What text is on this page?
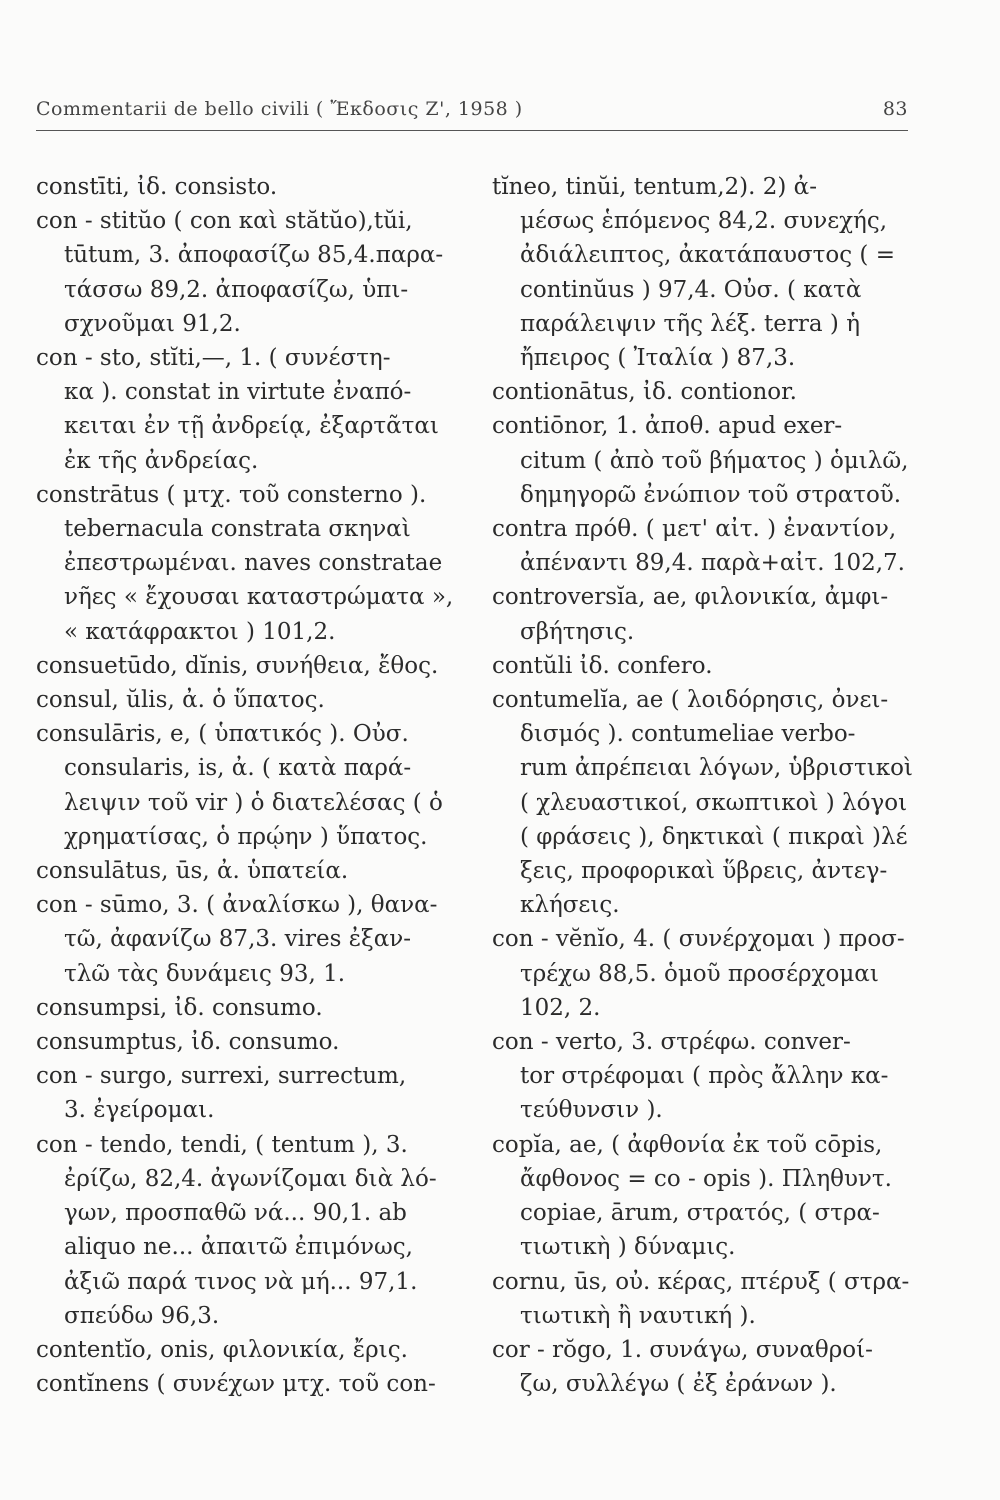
Commentarii de bello civili ( Ἔκδοσις Ζ', 1958 )	83
constīti, ἰδ. consisto.
con - stitŭo ( con καὶ stătŭo),tŭi,
tūtum, 3. ἀποφασίζω 85,4.παρα-
τάσσω 89,2. ἀποφασίζω, ὑπι-
σχνοῦμαι 91,2.
con - sto, stĭti,—, 1. ( συνέστη-
κα ). constat in virtute ἐναπό-
κειται ἐν τῇ ἀνδρείᾳ, ἐξαρτᾶται
ἐκ τῆς ἀνδρείας.
constrātus ( μτχ. τοῦ consterno ).
tebernacula constrata σκηναὶ
ἐπεστρωμέναι. naves constratae
νῆες « ἔχουσαι καταστρώματα »,
« κατάφρακτοι ) 101,2.
consuetūdo, dĭnis, συνήθεια, ἔθος.
consul, ŭlis, ἀ. ὁ ὕπατος.
consulāris, e, ( ὑπατικός ). Οὐσ.
consularis, is, ἀ. ( κατὰ παρά-
λειψιν τοῦ vir ) ὁ διατελέσας ( ὁ
χρηματίσας, ὁ πρῴην ) ὕπατος.
consulātus, ūs, ἀ. ὑπατεία.
con - sūmo, 3. ( ἀναλίσκω ), θανα-
τῶ, ἀφανίζω 87,3. vires ἐξαν-
τλῶ τὰς δυνάμεις 93, 1.
consumpsi, ἰδ. consumo.
consumptus, ἰδ. consumo.
con - surgo, surrexi, surrectum,
3. ἐγείρομαι.
con - tendo, tendi, ( tentum ), 3.
ἐρίζω, 82,4. ἀγωνίζομαι διὰ λό-
γων, προσπαθῶ νά... 90,1. ab
aliquo ne... ἀπαιτῶ ἐπιμόνως,
ἀξιῶ παρά τινος νὰ μή... 97,1.
σπεύδω 96,3.
contentĭo, onis, φιλονικία, ἔρις.
contĭnens ( συνέχων μτχ. τοῦ con-
tĭneo, tinŭi, tentum,2). 2) ἀ-
μέσως ἑπόμενος 84,2. συνεχής,
ἀδιάλειπτος, ἀκατάπαυστος ( =
continŭus ) 97,4. Οὐσ. ( κατὰ
παράλειψιν τῆς λέξ. terra ) ἡ
ἤπειρος ( Ἰταλία ) 87,3.
contionātus, ἰδ. contionor.
contiōnor, 1. ἀποθ. apud exer-
citum ( ἀπὸ τοῦ βήματος ) ὁμιλῶ,
δημηγορῶ ἐνώπιον τοῦ στρατοῦ.
contra πρόθ. ( μετ' αἰτ. ) ἐναντίον,
ἀπέναντι 89,4. παρὰ+αἰτ. 102,7.
controversĭa, ae, φιλονικία, ἀμφι-
σβήτησις.
contŭli ἰδ. confero.
contumelĭa, ae ( λοιδόρησις, ὀνει-
δισμός ). contumeliae verbo-
rum ἀπρέπειαι λόγων, ὑβριστικοὶ
( χλευαστικοί, σκωπτικοὶ ) λόγοι
( φράσεις ), δηκτικαὶ ( πικραὶ )λέ
ξεις, προφορικαὶ ὕβρεις, ἀντεγ-
κλήσεις.
con - vĕnĭo, 4. ( συνέρχομαι ) προσ-
τρέχω 88,5. ὁμοῦ προσέρχομαι
102, 2.
con - verto, 3. στρέφω. conver-
tor στρέφομαι ( πρὸς ἄλλην κα-
τεύθυνσιν ).
copĭa, ae, ( ἀφθονία ἐκ τοῦ cōpis,
ἄφθονος = co - opis ). Πληθυντ.
copiae, ārum, στρατός, ( στρα-
τιωτικὴ ) δύναμις.
cornu, ūs, οὐ. κέρας, πτέρυξ ( στρα-
τιωτικὴ ἢ ναυτική ).
cor - rŏgo, 1. συνάγω, συναθροί-
ζω, συλλέγω ( ἐξ ἐράνων ).
